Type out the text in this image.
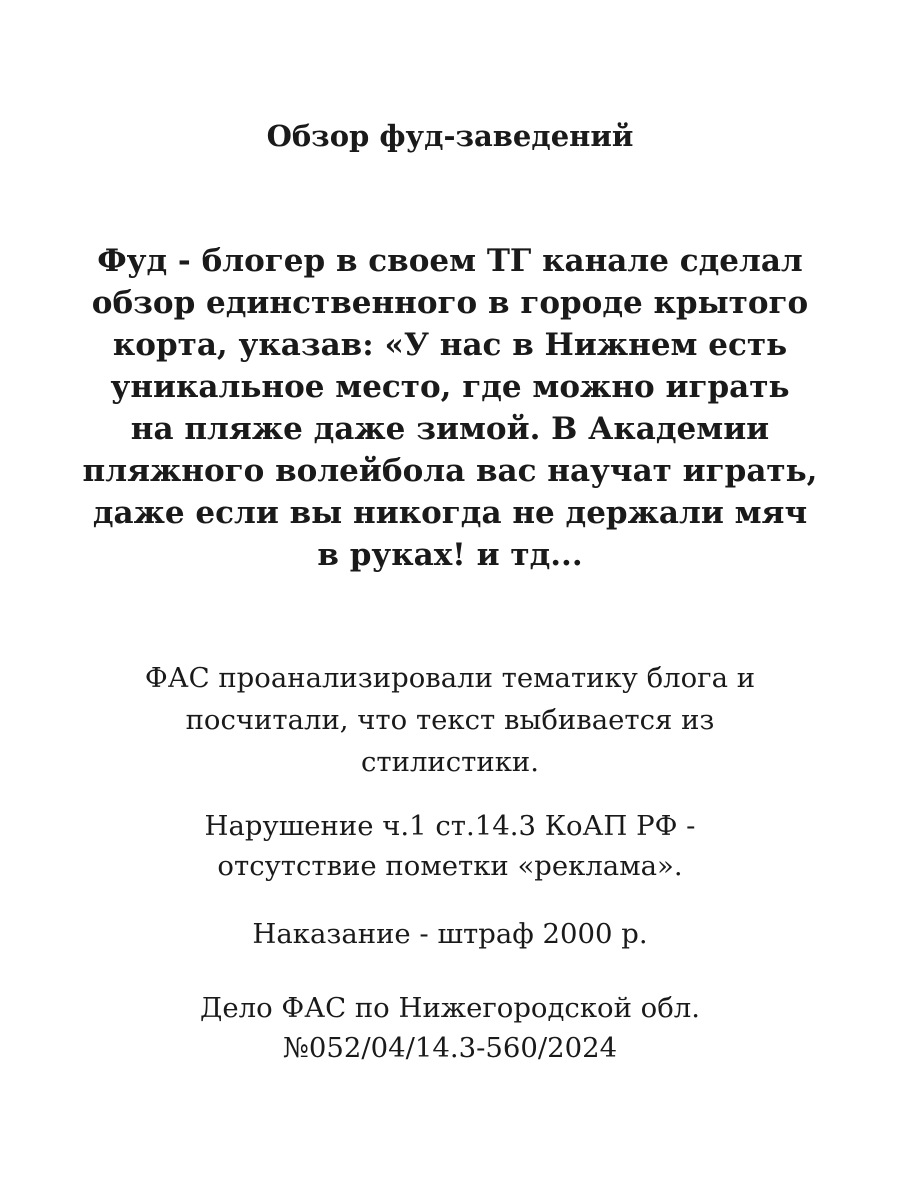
Обзор фуд-заведений
Фуд - блогер в своем ТГ канале сделал
обзор единственного в городе крытого
корта, указав: «У нас в Нижнем есть
уникальное место, где можно играть
на пляже даже зимой. В Академии
пляжного волейбола вас научат играть,
даже если вы никогда не держали мяч
в руках! и тд...
ФАС проанализировали тематику блога и
посчитали, что текст выбивается из
стилистики.
Нарушение ч.1 ст.14.3 КоАП РФ -
отсутствие пометки «реклама».
Наказание - штраф 2000 р.
Дело ФАС по Нижегородской обл.
№052/04/14.3-560/2024
